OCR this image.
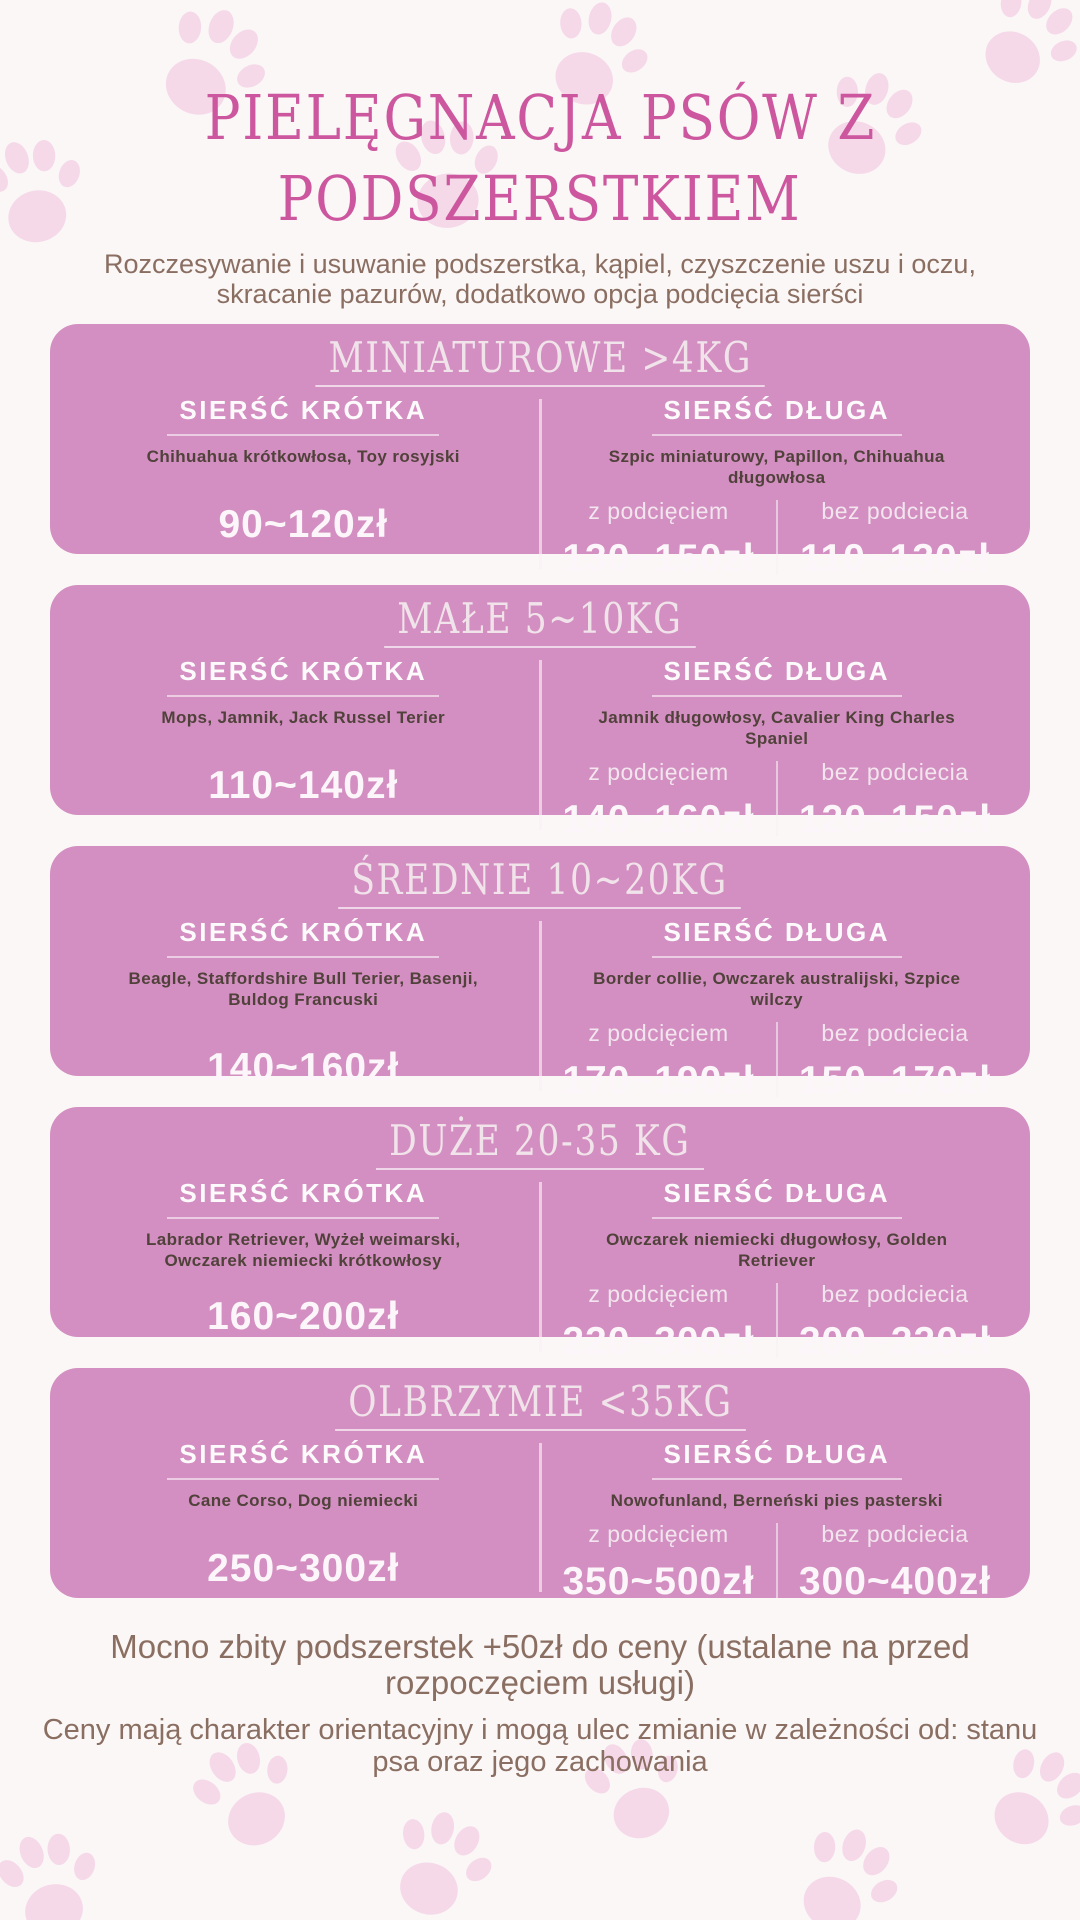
PIELĘGNACJA PSÓW Z
PODSZERSTKIEM

Rozczesywanie i usuwanie podszerstka, kąpiel, czyszczenie uszu i oczu, skracanie pazurów, dodatkowo opcja podcięcia sierści

MINIATUROWE >4KG
SIERŚĆ KRÓTKA
Chihuahua krótkowłosa, Toy rosyjski
90~120zł
SIERŚĆ DŁUGA
Szpic miniaturowy, Papillon, Chihuahua długowłosa
z podcięciem
130~150zł
bez podciecia
110~130zł
MAŁE 5~10KG
SIERŚĆ KRÓTKA
Mops, Jamnik, Jack Russel Terier
110~140zł
SIERŚĆ DŁUGA
Jamnik długowłosy, Cavalier King Charles Spaniel
z podcięciem
140~160zł
bez podciecia
120~150zł
ŚREDNIE 10~20KG
SIERŚĆ KRÓTKA
Beagle, Staffordshire Bull Terier, Basenji, Buldog Francuski
140~160zł
SIERŚĆ DŁUGA
Border collie, Owczarek australijski, Szpice wilczy
z podcięciem
170~190zł
bez podciecia
150~170zł
DUŻE 20-35 KG
SIERŚĆ KRÓTKA
Labrador Retriever, Wyżeł weimarski, Owczarek niemiecki krótkowłosy
160~200zł
SIERŚĆ DŁUGA
Owczarek niemiecki długowłosy, Golden Retriever
z podcięciem
220~300zł
bez podciecia
200~220zł
OLBRZYMIE <35KG
SIERŚĆ KRÓTKA
Cane Corso, Dog niemiecki
250~300zł
SIERŚĆ DŁUGA
Nowofunland, Berneński pies pasterski
z podcięciem
350~500zł
bez podciecia
300~400zł

Mocno zbity podszerstek +50zł do ceny (ustalane na przed rozpoczęciem usługi)

Ceny mają charakter orientacyjny i mogą ulec zmianie w zależności od: stanu psa oraz jego zachowania
